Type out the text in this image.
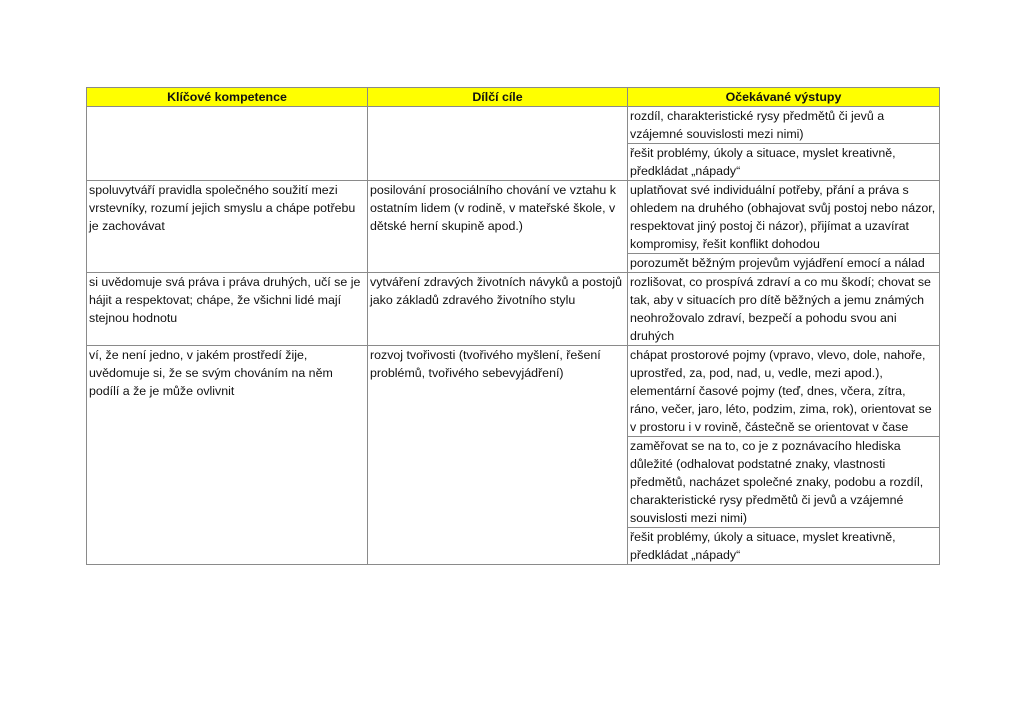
Klíčové kompetence	Dílčí cíle	Očekávané výstupy
		rozdíl, charakteristické rysy předmětů či jevů a vzájemné souvislosti mezi nimi)
		řešit problémy, úkoly a situace, myslet kreativně, předkládat „nápady“
spoluvytváří pravidla společného soužití mezi vrstevníky, rozumí jejich smyslu a chápe potřebu je zachovávat	posilování prosociálního chování ve vztahu k ostatním lidem (v rodině, v mateřské škole, v dětské herní skupině apod.)	uplatňovat své individuální potřeby, přání a práva s ohledem na druhého (obhajovat svůj postoj nebo názor, respektovat jiný postoj či názor), přijímat a uzavírat kompromisy, řešit konflikt dohodou
		porozumět běžným projevům vyjádření emocí a nálad
si uvědomuje svá práva i práva druhých, učí se je hájit a respektovat; chápe, že všichni lidé mají stejnou hodnotu	vytváření zdravých životních návyků a postojů jako základů zdravého životního stylu	rozlišovat, co prospívá zdraví a co mu škodí; chovat se tak, aby v situacích pro dítě běžných a jemu známých neohrožovalo zdraví, bezpečí a pohodu svou ani druhých
ví, že není jedno, v jakém prostředí žije, uvědomuje si, že se svým chováním na něm podílí a že je může ovlivnit	rozvoj tvořivosti (tvořivého myšlení, řešení problémů, tvořivého sebevyjádření)	chápat prostorové pojmy (vpravo, vlevo, dole, nahoře, uprostřed, za, pod, nad, u, vedle, mezi apod.), elementární časové pojmy (teď, dnes, včera, zítra, ráno, večer, jaro, léto, podzim, zima, rok), orientovat se v prostoru i v rovině, částečně se orientovat v čase
		zaměřovat se na to, co je z poznávacího hlediska důležité (odhalovat podstatné znaky, vlastnosti předmětů, nacházet společné znaky, podobu a rozdíl, charakteristické rysy předmětů či jevů a vzájemné souvislosti mezi nimi)
		řešit problémy, úkoly a situace, myslet kreativně, předkládat „nápady“
